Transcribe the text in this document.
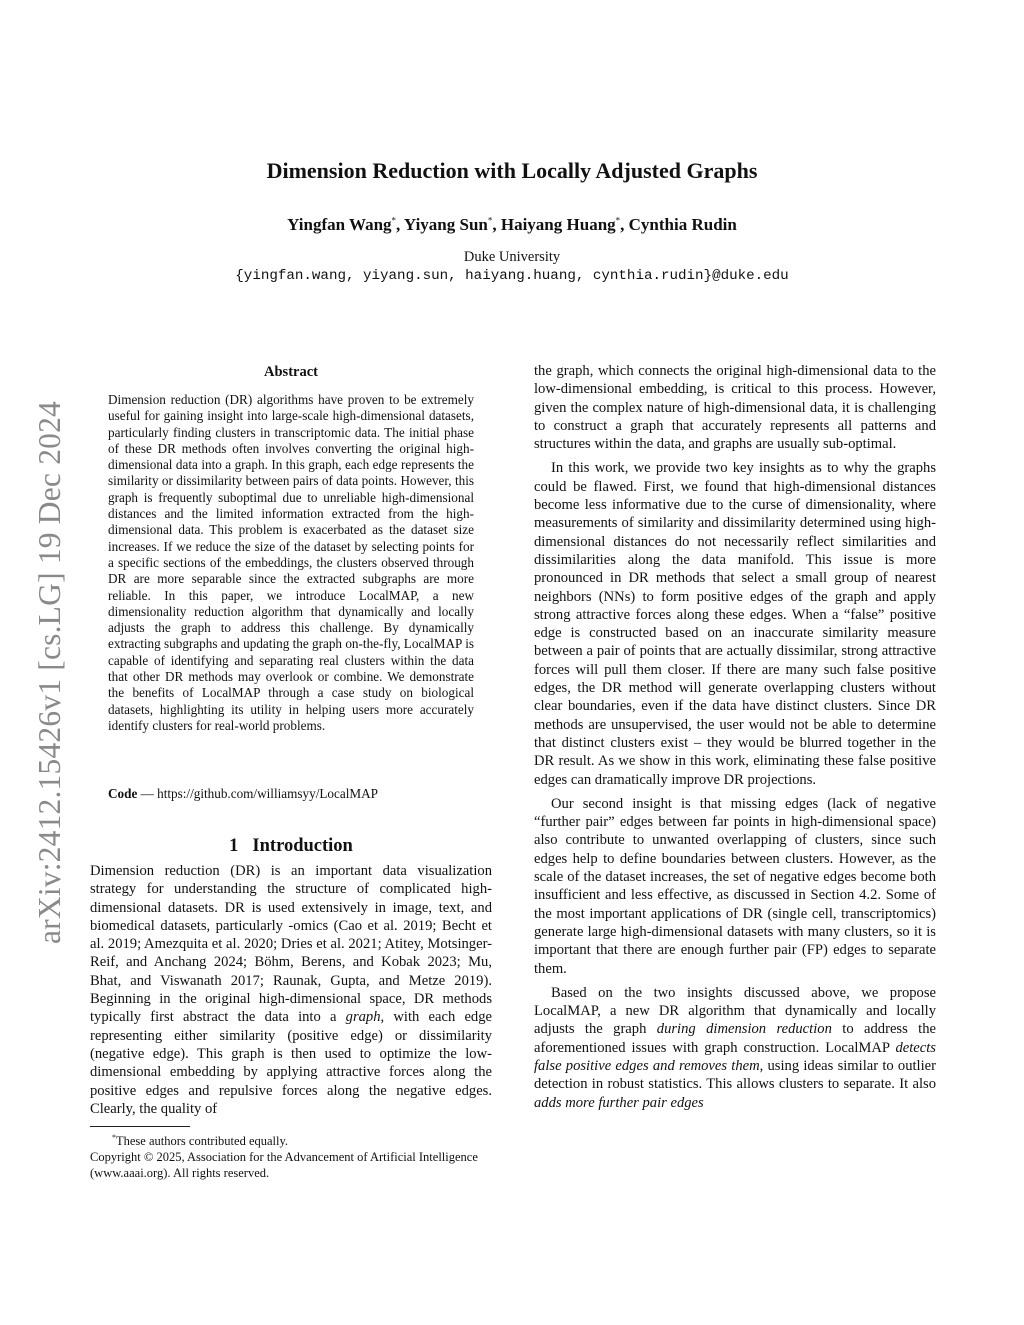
arXiv:2412.15426v1 [cs.LG] 19 Dec 2024
Dimension Reduction with Locally Adjusted Graphs
Yingfan Wang*, Yiyang Sun*, Haiyang Huang*, Cynthia Rudin
Duke University
{yingfan.wang, yiyang.sun, haiyang.huang, cynthia.rudin}@duke.edu
Abstract
Dimension reduction (DR) algorithms have proven to be extremely useful for gaining insight into large-scale high-dimensional datasets, particularly finding clusters in transcriptomic data. The initial phase of these DR methods often involves converting the original high-dimensional data into a graph. In this graph, each edge represents the similarity or dissimilarity between pairs of data points. However, this graph is frequently suboptimal due to unreliable high-dimensional distances and the limited information extracted from the high-dimensional data. This problem is exacerbated as the dataset size increases. If we reduce the size of the dataset by selecting points for a specific sections of the embeddings, the clusters observed through DR are more separable since the extracted subgraphs are more reliable. In this paper, we introduce LocalMAP, a new dimensionality reduction algorithm that dynamically and locally adjusts the graph to address this challenge. By dynamically extracting subgraphs and updating the graph on-the-fly, LocalMAP is capable of identifying and separating real clusters within the data that other DR methods may overlook or combine. We demonstrate the benefits of LocalMAP through a case study on biological datasets, highlighting its utility in helping users more accurately identify clusters for real-world problems.
Code — https://github.com/williamsyy/LocalMAP
1 Introduction
Dimension reduction (DR) is an important data visualization strategy for understanding the structure of complicated high-dimensional datasets. DR is used extensively in image, text, and biomedical datasets, particularly -omics (Cao et al. 2019; Becht et al. 2019; Amezquita et al. 2020; Dries et al. 2021; Atitey, Motsinger-Reif, and Anchang 2024; Böhm, Berens, and Kobak 2023; Mu, Bhat, and Viswanath 2017; Raunak, Gupta, and Metze 2019). Beginning in the original high-dimensional space, DR methods typically first abstract the data into a graph, with each edge representing either similarity (positive edge) or dissimilarity (negative edge). This graph is then used to optimize the low-dimensional embedding by applying attractive forces along the positive edges and repulsive forces along the negative edges. Clearly, the quality of
*These authors contributed equally.
Copyright © 2025, Association for the Advancement of Artificial Intelligence (www.aaai.org). All rights reserved.

the graph, which connects the original high-dimensional data to the low-dimensional embedding, is critical to this process. However, given the complex nature of high-dimensional data, it is challenging to construct a graph that accurately represents all patterns and structures within the data, and graphs are usually sub-optimal.

In this work, we provide two key insights as to why the graphs could be flawed. First, we found that high-dimensional distances become less informative due to the curse of dimensionality, where measurements of similarity and dissimilarity determined using high-dimensional distances do not necessarily reflect similarities and dissimilarities along the data manifold. This issue is more pronounced in DR methods that select a small group of nearest neighbors (NNs) to form positive edges of the graph and apply strong attractive forces along these edges. When a “false” positive edge is constructed based on an inaccurate similarity measure between a pair of points that are actually dissimilar, strong attractive forces will pull them closer. If there are many such false positive edges, the DR method will generate overlapping clusters without clear boundaries, even if the data have distinct clusters. Since DR methods are unsupervised, the user would not be able to determine that distinct clusters exist – they would be blurred together in the DR result. As we show in this work, eliminating these false positive edges can dramatically improve DR projections.

Our second insight is that missing edges (lack of negative “further pair” edges between far points in high-dimensional space) also contribute to unwanted overlapping of clusters, since such edges help to define boundaries between clusters. However, as the scale of the dataset increases, the set of negative edges become both insufficient and less effective, as discussed in Section 4.2. Some of the most important applications of DR (single cell, transcriptomics) generate large high-dimensional datasets with many clusters, so it is important that there are enough further pair (FP) edges to separate them.

Based on the two insights discussed above, we propose LocalMAP, a new DR algorithm that dynamically and locally adjusts the graph during dimension reduction to address the aforementioned issues with graph construction. LocalMAP detects false positive edges and removes them, using ideas similar to outlier detection in robust statistics. This allows clusters to separate. It also adds more further pair edges
